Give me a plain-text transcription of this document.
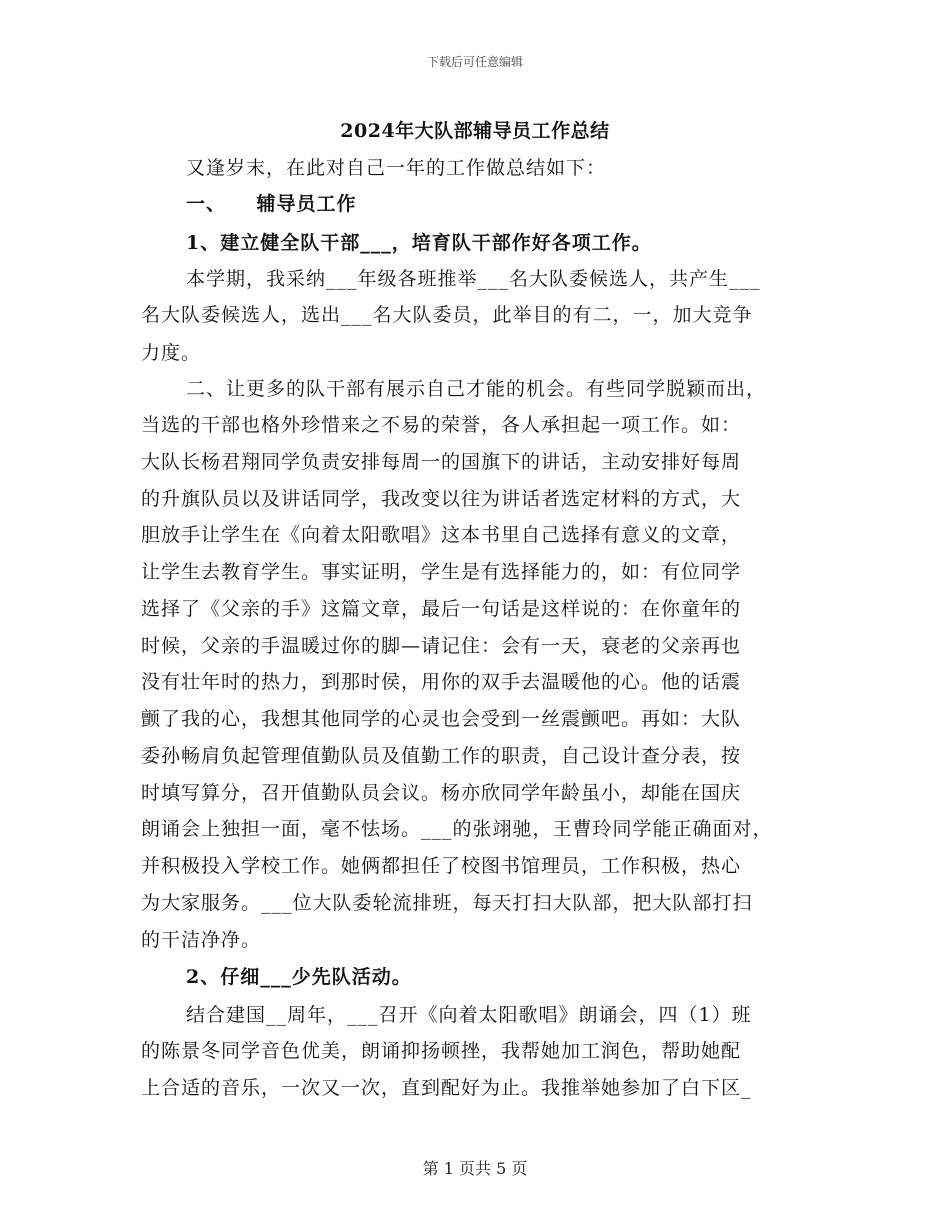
下载后可任意编辑
2024年大队部辅导员工作总结
又逢岁末，在此对自己一年的工作做总结如下：
一、　　辅导员工作
1、建立健全队干部___，培育队干部作好各项工作。
本学期，我采纳___年级各班推举___名大队委候选人，共产生___
名大队委候选人，选出___名大队委员，此举目的有二，一，加大竞争
力度。
二、让更多的队干部有展示自己才能的机会。有些同学脱颖而出，
当选的干部也格外珍惜来之不易的荣誉，各人承担起一项工作。如：
大队长杨君翔同学负责安排每周一的国旗下的讲话，主动安排好每周
的升旗队员以及讲话同学，我改变以往为讲话者选定材料的方式，大
胆放手让学生在《向着太阳歌唱》这本书里自己选择有意义的文章，
让学生去教育学生。事实证明，学生是有选择能力的，如：有位同学
选择了《父亲的手》这篇文章，最后一句话是这样说的：在你童年的
时候，父亲的手温暖过你的脚—请记住：会有一天，衰老的父亲再也
没有壮年时的热力，到那时侯，用你的双手去温暖他的心。他的话震
颤了我的心，我想其他同学的心灵也会受到一丝震颤吧。再如：大队
委孙畅肩负起管理值勤队员及值勤工作的职责，自己设计查分表，按
时填写算分，召开值勤队员会议。杨亦欣同学年龄虽小，却能在国庆
朗诵会上独担一面，毫不怯场。___的张翊驰，王曹玲同学能正确面对，
并积极投入学校工作。她俩都担任了校图书馆理员，工作积极，热心
为大家服务。___位大队委轮流排班，每天打扫大队部，把大队部打扫
的干洁净净。
2、仔细___少先队活动。
结合建国__周年，___召开《向着太阳歌唱》朗诵会，四（1）班
的陈景冬同学音色优美，朗诵抑扬顿挫，我帮她加工润色，帮助她配
上合适的音乐，一次又一次，直到配好为止。我推举她参加了白下区_
第 1 页共 5 页
